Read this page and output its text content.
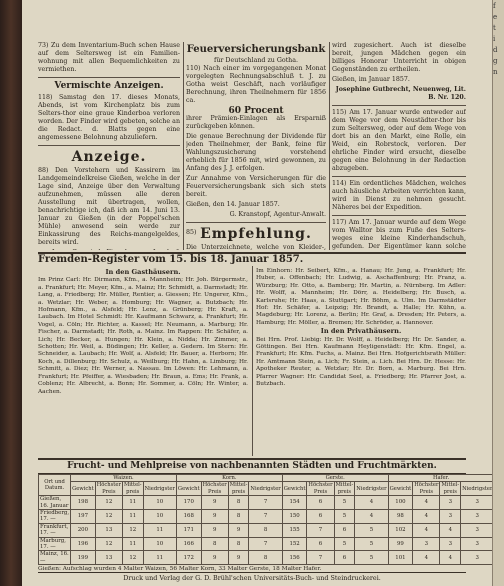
73) Zu dem Inventarium-Buch schen Hause auf dem Seltersweg ist ein Familien-wohnung mit allen Bequemlichkeiten zu vermiethen.

Vermischte Anzeigen.

118) Samstag den 17. dieses Monats, Abends, ist vom Kirchenplatz bis zum Selters-thor eine graue Kinderboa verloren worden. Der Finder wird gebeten, solche an die Redact. d. Blatts gegen eine angemessene Belohnung abzuliefern.

Anzeige.

88) Den Vorstehern und Kassirern im Landgemeindelkreise Gießen, welche in der Lage sind, Anzeige über den Verwaltung aufzunehmen, müssen alle deren Ausstellung mit übertragen, wollen, benachrichtige ich, daß ich am 14. Juni 13. Januar zu Gießen (in der Poppel'schen Mühle) anwesend sein werde zur Einkassirung des Reichs-mangelgeldes, bereits wird.

Feuerversicherungsbank
für Deutschland zu Gotha.

110) Nach einer im vorgegangenen Monat vorgelegten Rechnungsabschluß t. J. zu Gotha weist Geschäft, nach vorläufiger Berechnung, ihren Theilnehmern für 1856 ca.

60 Procent

ihrer Prämien-Einlagen als Ersparniß zurückgeben können.

Die genaue Berechnung der Dividende für jeden Theilnehmer, der Bank, feine für Wahlungszusicherung vorstehend erheblich für 1856 mit, wird gewonnen, zu Anfang des J. J. erfolgen.

Zur Annahme von Versicherungen für die Feuerversicherungsbank sich sich stets bereit.

Gießen, den 14. Januar 1857.

G. Kranstopf, Agentur-Anwalt.

85) Empfehlung.

Die Unterzeichnete, welche von Kleider-,

wird zugesichert. Auch ist dieselbe bereit, jungen Mädchen gegen ein billiges Honorar Unterricht in obigen Gegenständen zu ertheilen.

Gießen, im Januar 1857.

Josephine Gutbrecht, Neuenweg, Lit. B. Nr. 120.

115) Am 17. Januar wurde entweder auf dem Wege vor dem Neustädter-thor bis zum Seltersweg, oder auf dem Wege von dort bis an den Markt, eine Rolle, ein Weid, ein Robrstock, verloren. Der ehrliche Finder wird ersucht, dieselbe gegen eine Belohnung in der Redaction abzugeben.

114) Ein ordentliches Mädchen, welches auch häusliche Arbeiten verrichten kann, wird in Dienst zu nehmen gesucht. Näheres bei der Expedition.

117) Am 17. Januar wurde auf dem Wege vom Walltor bis zum Fuße des Selters-weges eine kleine Kinderhandschuh, gefunden. Der Eigentümer kann solche

Fremden-Register vom 15. bis 18. Januar 1857.
In den Gasthäusern.
Im Prinz Carl: Hr. Dirmann, Kfm., a. Mannheim; Hr. Joh. Bürgermstr., a. Frankfurt; Hr. Meyer, Kfm., a. Mainz; Hr. Schmidt, a. Darmstadt; Hr. Lang, a. Friedberg; Hr. Müller, Rentier, a. Giessen; Hr. Ungerer, Kfm., a. Wetzlar; Hr. Weber, a. Homburg; Hr. Wagner, a. Butzbach; Hr. Hofmann, Kfm., a. Alsfeld; Hr. Lenz, a. Grünberg; Hr. Kraft, a. Laubach. Im Hotel Schmidt: Hr. Kaufmann Schwarz, a. Frankfurt; Hr. Vogel, a. Cöln; Hr. Richter, a. Kassel; Hr. Neumann, a. Marburg; Hr. Fischer, a. Darmstadt; Hr. Roth, a. Mainz. Im Rappen: Hr. Schäfer, a. Lich; Hr. Becker, a. Hungen; Hr. Klein, a. Nidda; Hr. Zimmer, a. Schotten; Hr. Weil, a. Büdingen; Hr. Keller, a. Gedern. Im Stern: Hr. Schneider, a. Laubach; Hr. Wolf, a. Alsfeld; Hr. Bauer, a. Herborn; Hr. Koch, a. Dillenburg; Hr. Schulz, a. Weilburg; Hr. Hahn, a. Limburg; Hr. Schmitt, a. Diez; Hr. Werner, a. Nassau. Im Löwen: Hr. Lehmann, a. Frankfurt; Hr. Pfeiffer, a. Wiesbaden; Hr. Braun, a. Ems; Hr. Frank, a. Coblenz; Hr. Albrecht, a. Bonn; Hr. Sommer, a. Cöln; Hr. Winter, a. Aachen.
Im Einhorn: Hr. Seibert, Kfm., a. Hanau; Hr. Jung, a. Frankfurt; Hr. Huber, a. Offenbach; Hr. Ludwig, a. Aschaffenburg; Hr. Franz, a. Würzburg; Hr. Otto, a. Bamberg; Hr. Martin, a. Nürnberg. Im Adler: Hr. Wolff, a. Mannheim; Hr. Dörr, a. Heidelberg; Hr. Busch, a. Karlsruhe; Hr. Haas, a. Stuttgart; Hr. Böhm, a. Ulm. Im Darmstädter Hof: Hr. Schäfer, a. Leipzig; Hr. Brandt, a. Halle; Hr. Kühn, a. Magdeburg; Hr. Lorenz, a. Berlin; Hr. Graf, a. Dresden; Hr. Peters, a. Hamburg; Hr. Möller, a. Bremen; Hr. Schröder, a. Hannover.
In den Privathäusern.
Bei Hrn. Prof. Liebig: Hr. Dr. Wolff, a. Heidelberg; Hr. Dr. Sander, a. Göttingen. Bei Hrn. Kaufmann Heyligenstädt: Hr. Kfm. Engel, a. Frankfurt; Hr. Kfm. Fuchs, a. Mainz. Bei Hrn. Hofgerichtsrath Müller: Hr. Amtmann Stein, a. Lich; Fr. Stein, a. Lich. Bei Hrn. Dr. Hesse: Hr. Apotheker Reuter, a. Wetzlar; Hr. Dr. Born, a. Marburg. Bei Hrn. Pfarrer Wagner: Hr. Candidat Seel, a. Friedberg; Hr. Pfarrer Jost, a. Butzbach.
Frucht- und Mehlpreise von nachbenannten Städten und Fruchtmärkten.
Ort und Datum.	Waizen.				Korn.				Gerste.				Hafer.	
	Gewicht	Höchster Preis	Mittel-preis	Niedrigster	Gewicht	Höchster Preis	Mittel-preis	Niedrigster	Gewicht	Höchster Preis	Mittel-preis	Niedrigster	Gewicht	Höchster Preis	Mittel-preis	Niedrigster				
Gießen, 16. Januar	198	12	11	10	170	9	8	7	154	6	5	4	100	4	3	3				
Friedberg, 17. —	197	12	11	10	168	9	8	7	150	6	5	4	98	4	3	3				
Frankfurt, 17. —	200	13	12	11	171	9	9	8	155	7	6	5	102	4	4	3				
Marburg, 17. —	196	12	11	10	166	8	8	7	152	6	5	5	99	3	3	3				
Mainz, 16. —	199	13	12	11	172	9	9	8	156	7	6	5	101	4	4	3				
Gießen: Aufschlag wurden 4 Malter Waizen, 56 Malter Korn, 33 Malter Gerste, 18 Malter Hafer.
Druck und Verlag der G. D. Brühl'schen Universitäts-Buch- und Steindruckerei.
f
e
t
i
d
g
n
